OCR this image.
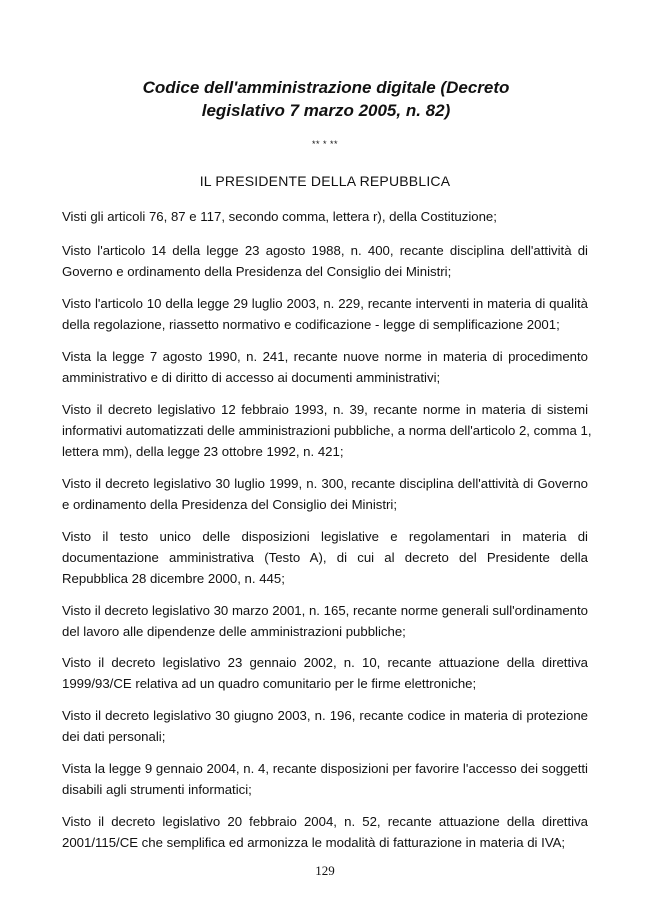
Codice dell'amministrazione digitale (Decreto
legislativo 7 marzo 2005, n. 82)
** * **
IL PRESIDENTE DELLA REPUBBLICA

Visti gli articoli 76, 87 e 117, secondo comma, lettera r), della Costituzione;

Visto l'articolo 14 della legge 23 agosto 1988, n. 400, recante disciplina dell'attività di
Governo e ordinamento della Presidenza del Consiglio dei Ministri;

Visto l'articolo 10 della legge 29 luglio 2003, n. 229, recante interventi in materia di qualità
della regolazione, riassetto normativo e codificazione - legge di semplificazione 2001;

Vista la legge 7 agosto 1990, n. 241, recante nuove norme in materia di procedimento
amministrativo e di diritto di accesso ai documenti amministrativi;

Visto il decreto legislativo 12 febbraio 1993, n. 39, recante norme in materia di sistemi
informativi automatizzati delle amministrazioni pubbliche, a norma dell'articolo 2, comma 1,
lettera mm), della legge 23 ottobre 1992, n. 421;

Visto il decreto legislativo 30 luglio 1999, n. 300, recante disciplina dell'attività di Governo
e ordinamento della Presidenza del Consiglio dei Ministri;

Visto il testo unico delle disposizioni legislative e regolamentari in materia di
documentazione amministrativa (Testo A), di cui al decreto del Presidente della
Repubblica 28 dicembre 2000, n. 445;

Visto il decreto legislativo 30 marzo 2001, n. 165, recante norme generali sull'ordinamento
del lavoro alle dipendenze delle amministrazioni pubbliche;

Visto il decreto legislativo 23 gennaio 2002, n. 10, recante attuazione della direttiva
1999/93/CE relativa ad un quadro comunitario per le firme elettroniche;

Visto il decreto legislativo 30 giugno 2003, n. 196, recante codice in materia di protezione
dei dati personali;

Vista la legge 9 gennaio 2004, n. 4, recante disposizioni per favorire l'accesso dei soggetti
disabili agli strumenti informatici;

Visto il decreto legislativo 20 febbraio 2004, n. 52, recante attuazione della direttiva
2001/115/CE che semplifica ed armonizza le modalità di fatturazione in materia di IVA;

129
